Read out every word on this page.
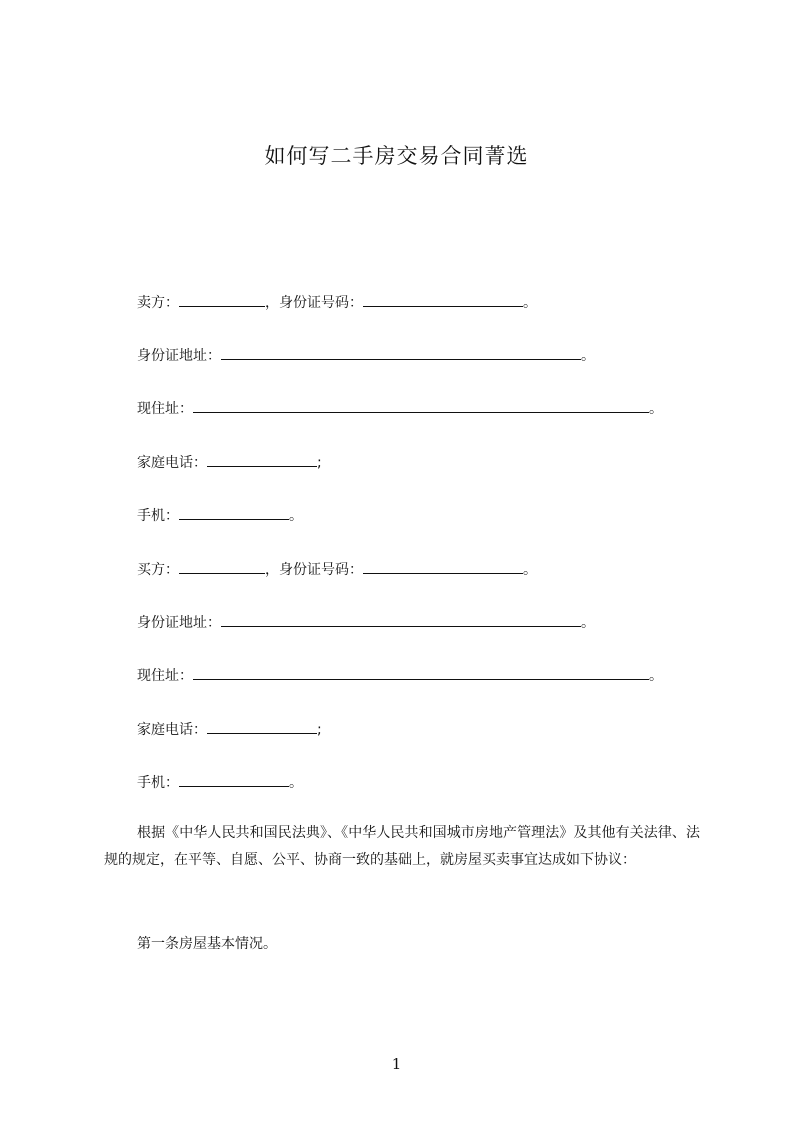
如何写二手房交易合同菁选
卖方：	，身份证号码：	。
身份证地址：	。
现住址：	。
家庭电话：	;
手机：	。
买方：	，身份证号码：	。
身份证地址：	。
现住址：	。
家庭电话：	;
手机：	。
根据《中华人民共和国民法典》、《中华人民共和国城市房地产管理法》及其他有关法律、法规的规定，在平等、自愿、公平、协商一致的基础上，就房屋买卖事宜达成如下协议：
第一条房屋基本情况。
1
